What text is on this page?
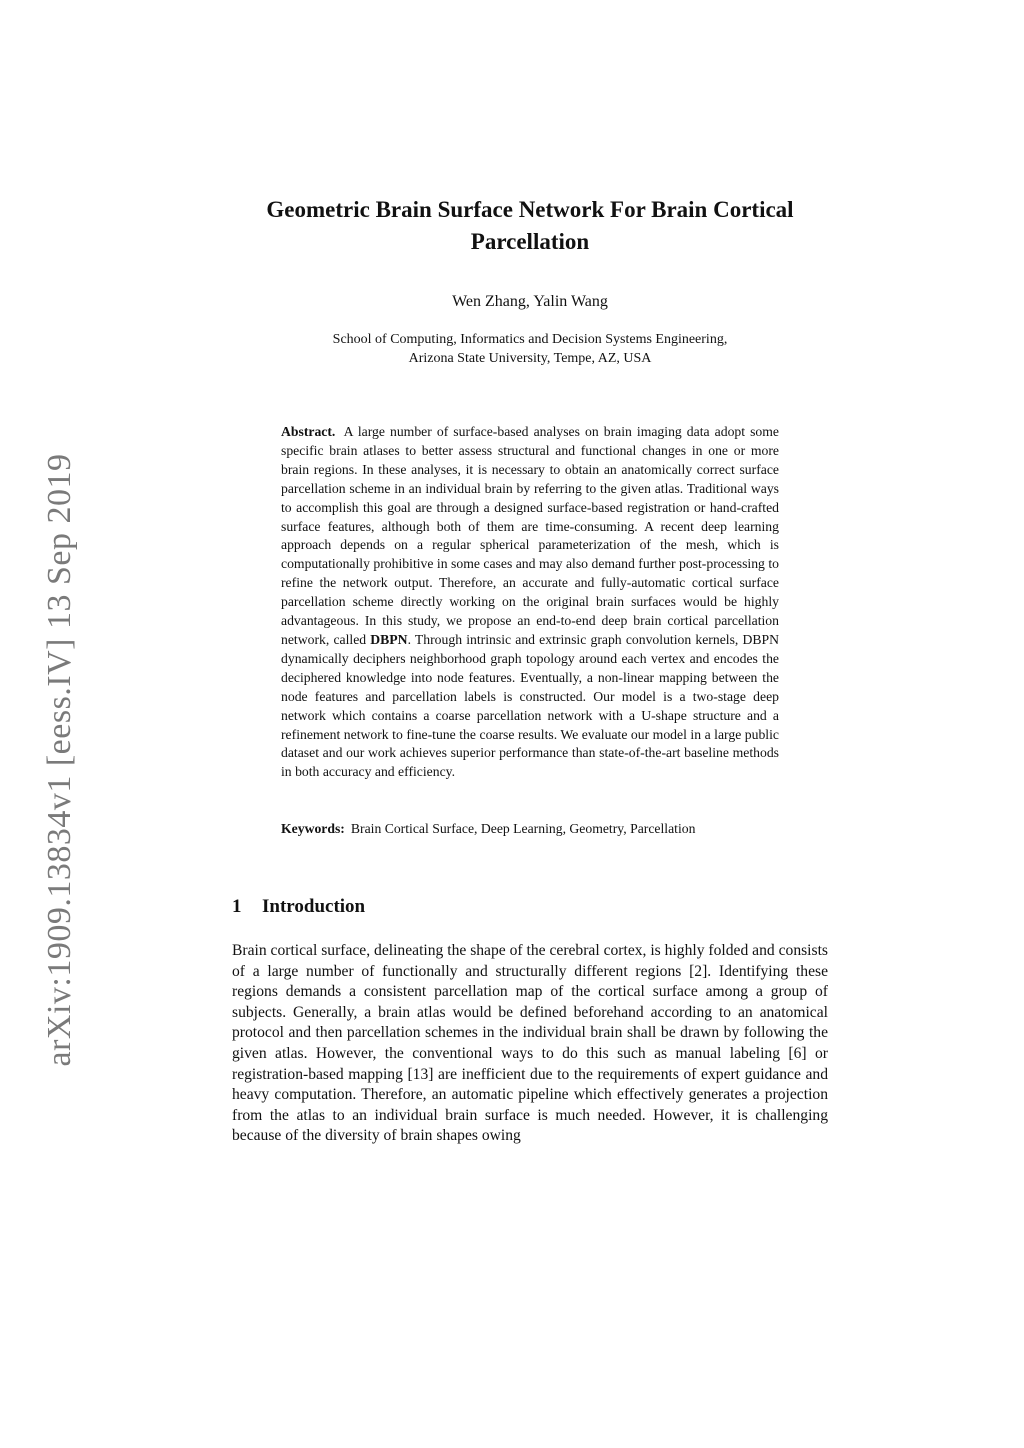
arXiv:1909.13834v1 [eess.IV] 13 Sep 2019
Geometric Brain Surface Network For Brain Cortical Parcellation
Wen Zhang, Yalin Wang
School of Computing, Informatics and Decision Systems Engineering,
Arizona State University, Tempe, AZ, USA

Abstract. A large number of surface-based analyses on brain imaging data adopt some specific brain atlases to better assess structural and functional changes in one or more brain regions. In these analyses, it is necessary to obtain an anatomically correct surface parcellation scheme in an individual brain by referring to the given atlas. Traditional ways to accomplish this goal are through a designed surface-based registration or hand-crafted surface features, although both of them are time-consuming. A recent deep learning approach depends on a regular spherical parameterization of the mesh, which is computationally prohibitive in some cases and may also demand further post-processing to refine the network output. Therefore, an accurate and fully-automatic cortical surface parcellation scheme directly working on the original brain surfaces would be highly advantageous. In this study, we propose an end-to-end deep brain cortical parcellation network, called DBPN. Through intrinsic and extrinsic graph convolution kernels, DBPN dynamically deciphers neighborhood graph topology around each vertex and encodes the deciphered knowledge into node features. Eventually, a non-linear mapping between the node features and parcellation labels is constructed. Our model is a two-stage deep network which contains a coarse parcellation network with a U-shape structure and a refinement network to fine-tune the coarse results. We evaluate our model in a large public dataset and our work achieves superior performance than state-of-the-art baseline methods in both accuracy and efficiency.

Keywords: Brain Cortical Surface, Deep Learning, Geometry, Parcellation

1 Introduction

Brain cortical surface, delineating the shape of the cerebral cortex, is highly folded and consists of a large number of functionally and structurally different regions [2]. Identifying these regions demands a consistent parcellation map of the cortical surface among a group of subjects. Generally, a brain atlas would be defined beforehand according to an anatomical protocol and then parcellation schemes in the individual brain shall be drawn by following the given atlas. However, the conventional ways to do this such as manual labeling [6] or registration-based mapping [13] are inefficient due to the requirements of expert guidance and heavy computation. Therefore, an automatic pipeline which effectively generates a projection from the atlas to an individual brain surface is much needed. However, it is challenging because of the diversity of brain shapes owing
